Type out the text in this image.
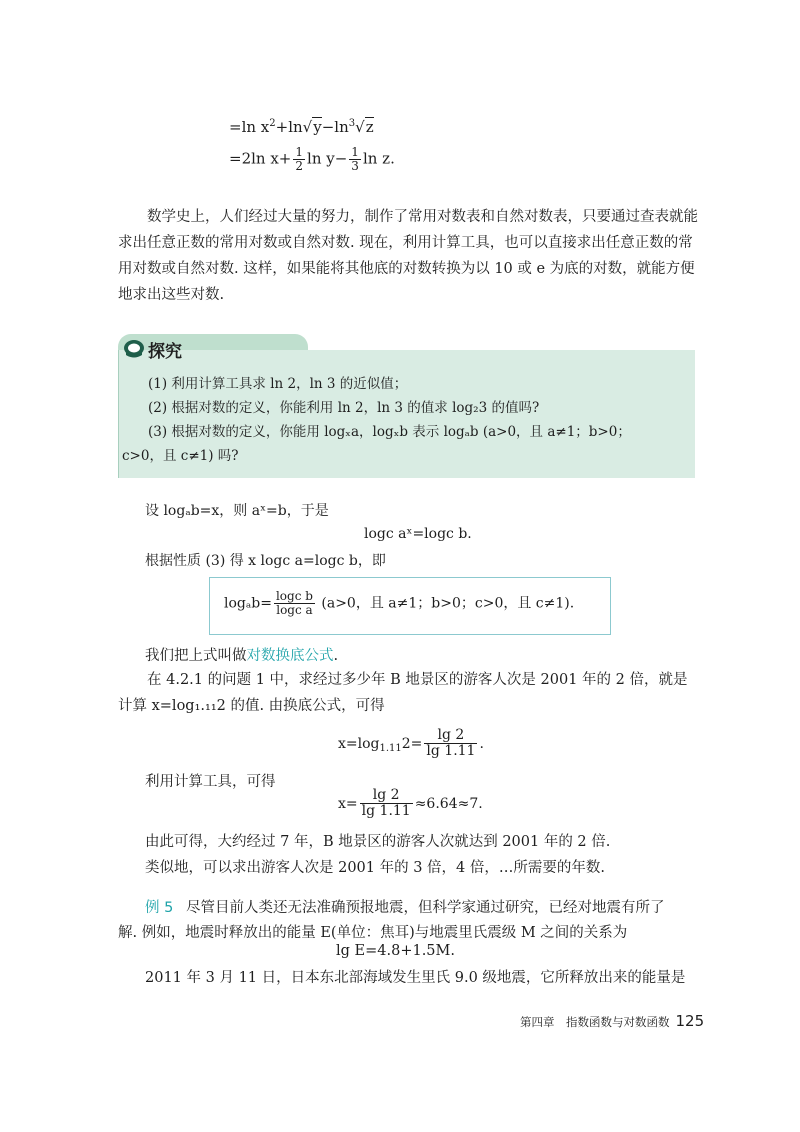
=ln $x^2+\ln√y-\ln^3√z$
=2ln $x+ \frac{1}{2}$ $\ln y- \frac{1}{3}$ ln z.
数学史上，人们经过大量的努力，制作了常用对数表和自然对数表，只要通过查表就能求出任意正数的常用对数或自然对数. 现在，利用计算工具，也可以直接求出任意正数的常用对数或自然对数. 这样，如果能将其他底的对数转换为以 10 或 e 为底的对数，就能方便地求出这些对数.
探究
(1) 利用计算工具求 ln 2，ln 3 的近似值；
(2) 根据对数的定义，你能利用 ln 2，ln 3 的值求 log₂3 的值吗?
(3) 根据对数的定义，你能用 logₓa，logₓb 表示 logₐb (a>0，且 a≠1；b>0；
c>0，且 c≠1) 吗?
设 logₐb=x，则 aˣ=b，于是
logc aˣ=logc b.
根据性质 (3) 得 x logc a=logc b，即
$\log_ab= \frac{\text{logc b}}{\text{logc a}} (a>0$，且 a≠1；b>0；c>0，且 c≠1).
我们把上式叫做对数换底公式.
在 4.2.1 的问题 1 中，求经过多少年 B 地景区的游客人次是 2001 年的 2 倍，就是计算 x=log₁.₁₁2 的值. 由换底公式，可得
$x=\log_{1.11}2= \frac{\lg 2}{\lg 1.11}$ .
利用计算工具，可得
$x= \frac{\lg 2}{\lg 1.11} \approx 6.64\approx 7$.
由此可得，大约经过 7 年，B 地景区的游客人次就达到 2001 年的 2 倍.
类似地，可以求出游客人次是 2001 年的 3 倍，4 倍，…所需要的年数.
例 5 尽管目前人类还无法准确预报地震，但科学家通过研究，已经对地震有所了
解. 例如，地震时释放出的能量 E(单位：焦耳)与地震里氏震级 M 之间的关系为
lg E=4.8+1.5M.
2011 年 3 月 11 日，日本东北部海域发生里氏 9.0 级地震，它所释放出来的能量是
第四章　指数函数与对数函数 125
